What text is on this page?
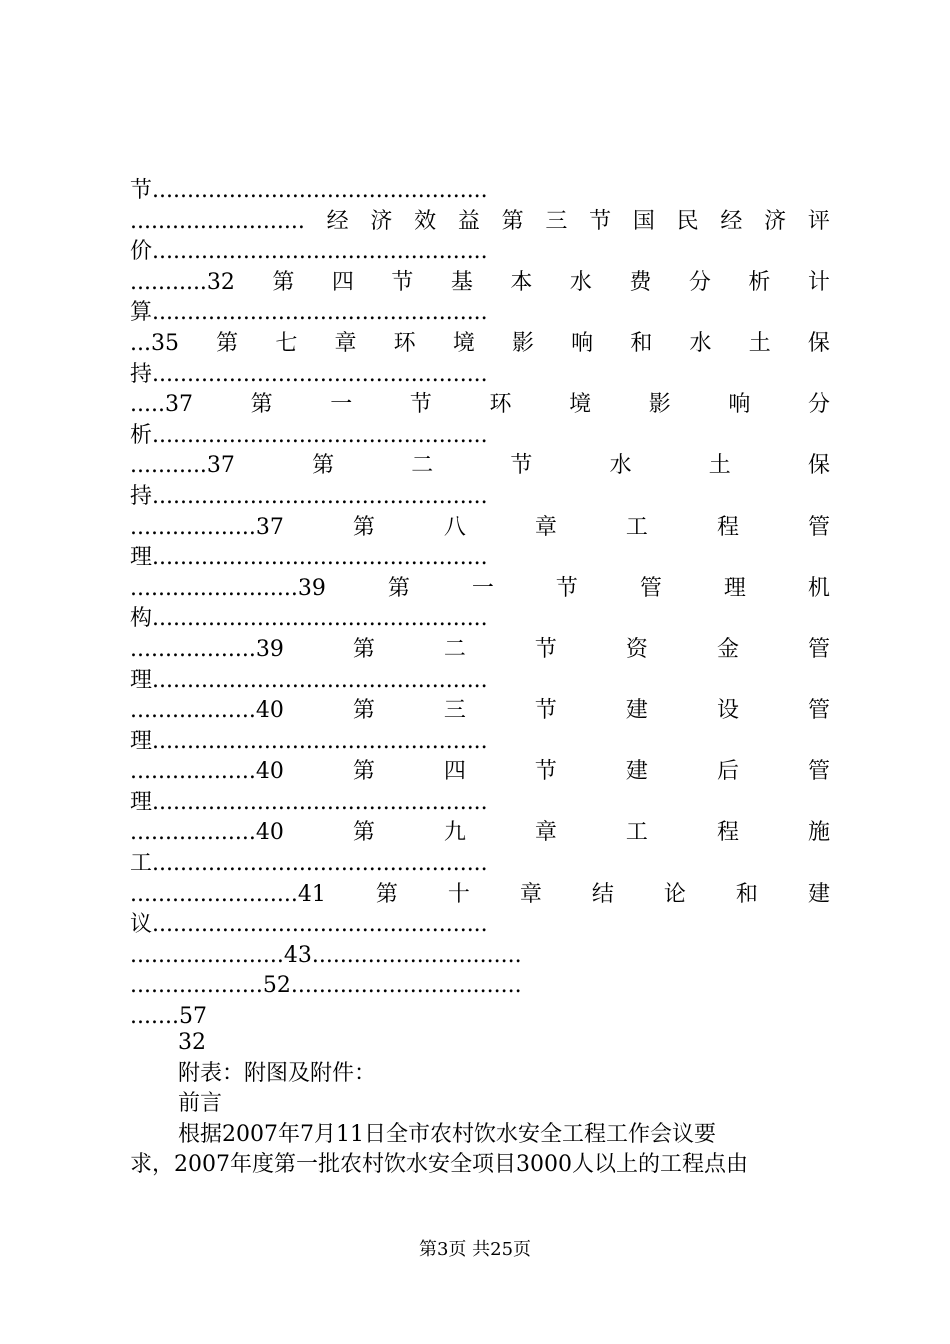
节................................................
......................... 经 济 效 益 第 三 节 国 民 经 济 评
价................................................
...........32 第 四 节 基 本 水 费 分 析 计
算................................................
...35 第 七 章 环 境 影 响 和 水 土 保
持................................................
.....37	第	一	节	环	境	影	响	分
析................................................
...........37	第	二	节	水	土	保
持................................................
..................37	第	八	章	工	程	管
理................................................
........................39	第	一	节	管	理	机
构................................................
..................39	第	二	节	资	金	管
理................................................
..................40	第	三	节	建	设	管
理................................................
..................40	第	四	节	建	后	管
理................................................
..................40	第	九	章	工	程	施
工................................................
........................41 第 十 章 结 论 和 建
议................................................
......................43..............................
...................52.................................
.......57
32
附表：附图及附件：
前言
根据2007年7月11日全市农村饮水安全工程工作会议要
求，2007年度第一批农村饮水安全项目3000人以上的工程点由
第3页 共25页
